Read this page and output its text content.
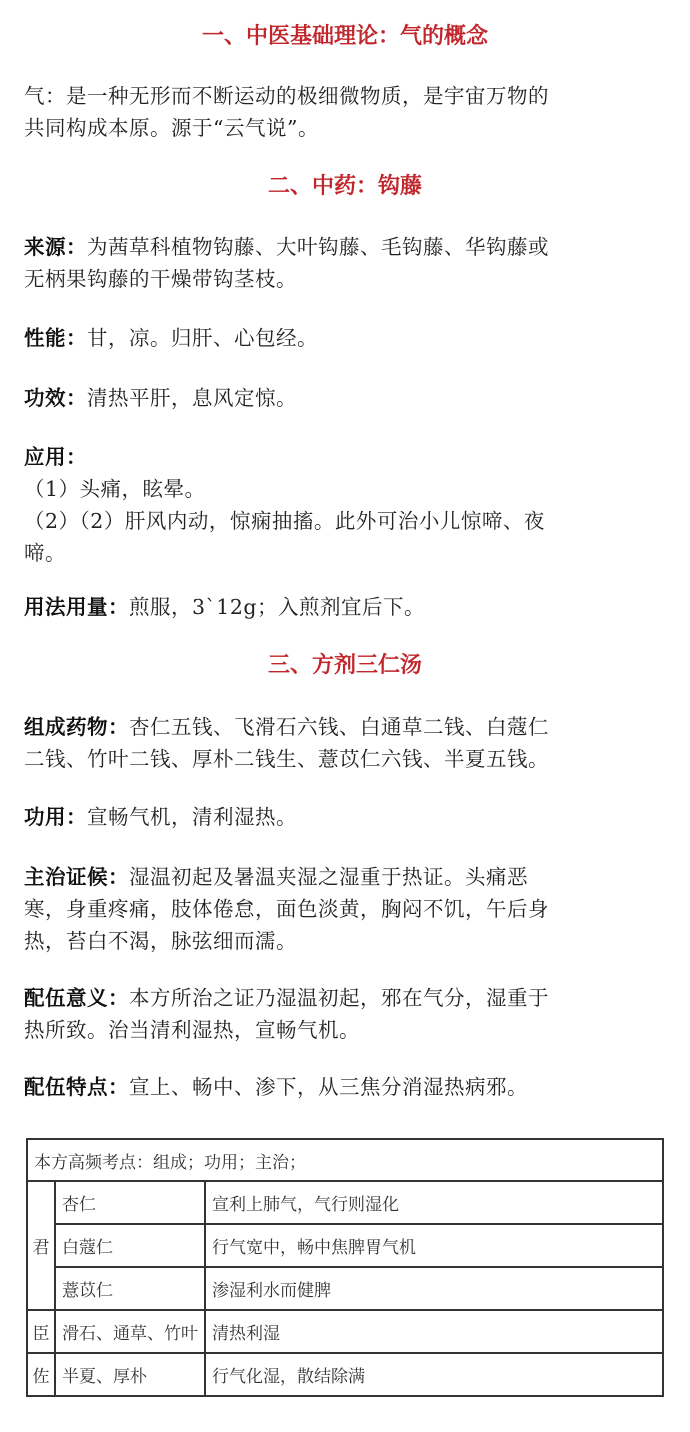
一、中医基础理论：气的概念

气：是一种无形而不断运动的极细微物质，是宇宙万物的
共同构成本原。源于“云气说”。

二、中药：钩藤

来源：为茜草科植物钩藤、大叶钩藤、毛钩藤、华钩藤或
无柄果钩藤的干燥带钩茎枝。

性能：甘，凉。归肝、心包经。

功效：清热平肝，息风定惊。

应用：
（1）头痛，眩晕。
（2）（2）肝风内动，惊痫抽搐。此外可治小儿惊啼、夜
啼。

用法用量：煎服，3`12g；入煎剂宜后下。

三、方剂三仁汤

组成药物：杏仁五钱、飞滑石六钱、白通草二钱、白蔻仁
二钱、竹叶二钱、厚朴二钱生、薏苡仁六钱、半夏五钱。

功用：宣畅气机，清利湿热。

主治证候：湿温初起及暑温夹湿之湿重于热证。头痛恶
寒，身重疼痛，肢体倦怠，面色淡黄，胸闷不饥，午后身
热，苔白不渴，脉弦细而濡。

配伍意义：本方所治之证乃湿温初起，邪在气分，湿重于
热所致。治当清利湿热，宣畅气机。

配伍特点：宣上、畅中、渗下，从三焦分消湿热病邪。

本方高频考点：组成；功用；主治；		
君	杏仁	宣利上肺气，气行则湿化
	白蔻仁	行气宽中，畅中焦脾胃气机
	薏苡仁	渗湿利水而健脾
臣	滑石、通草、竹叶	清热利湿
佐	半夏、厚朴	行气化湿，散结除满
